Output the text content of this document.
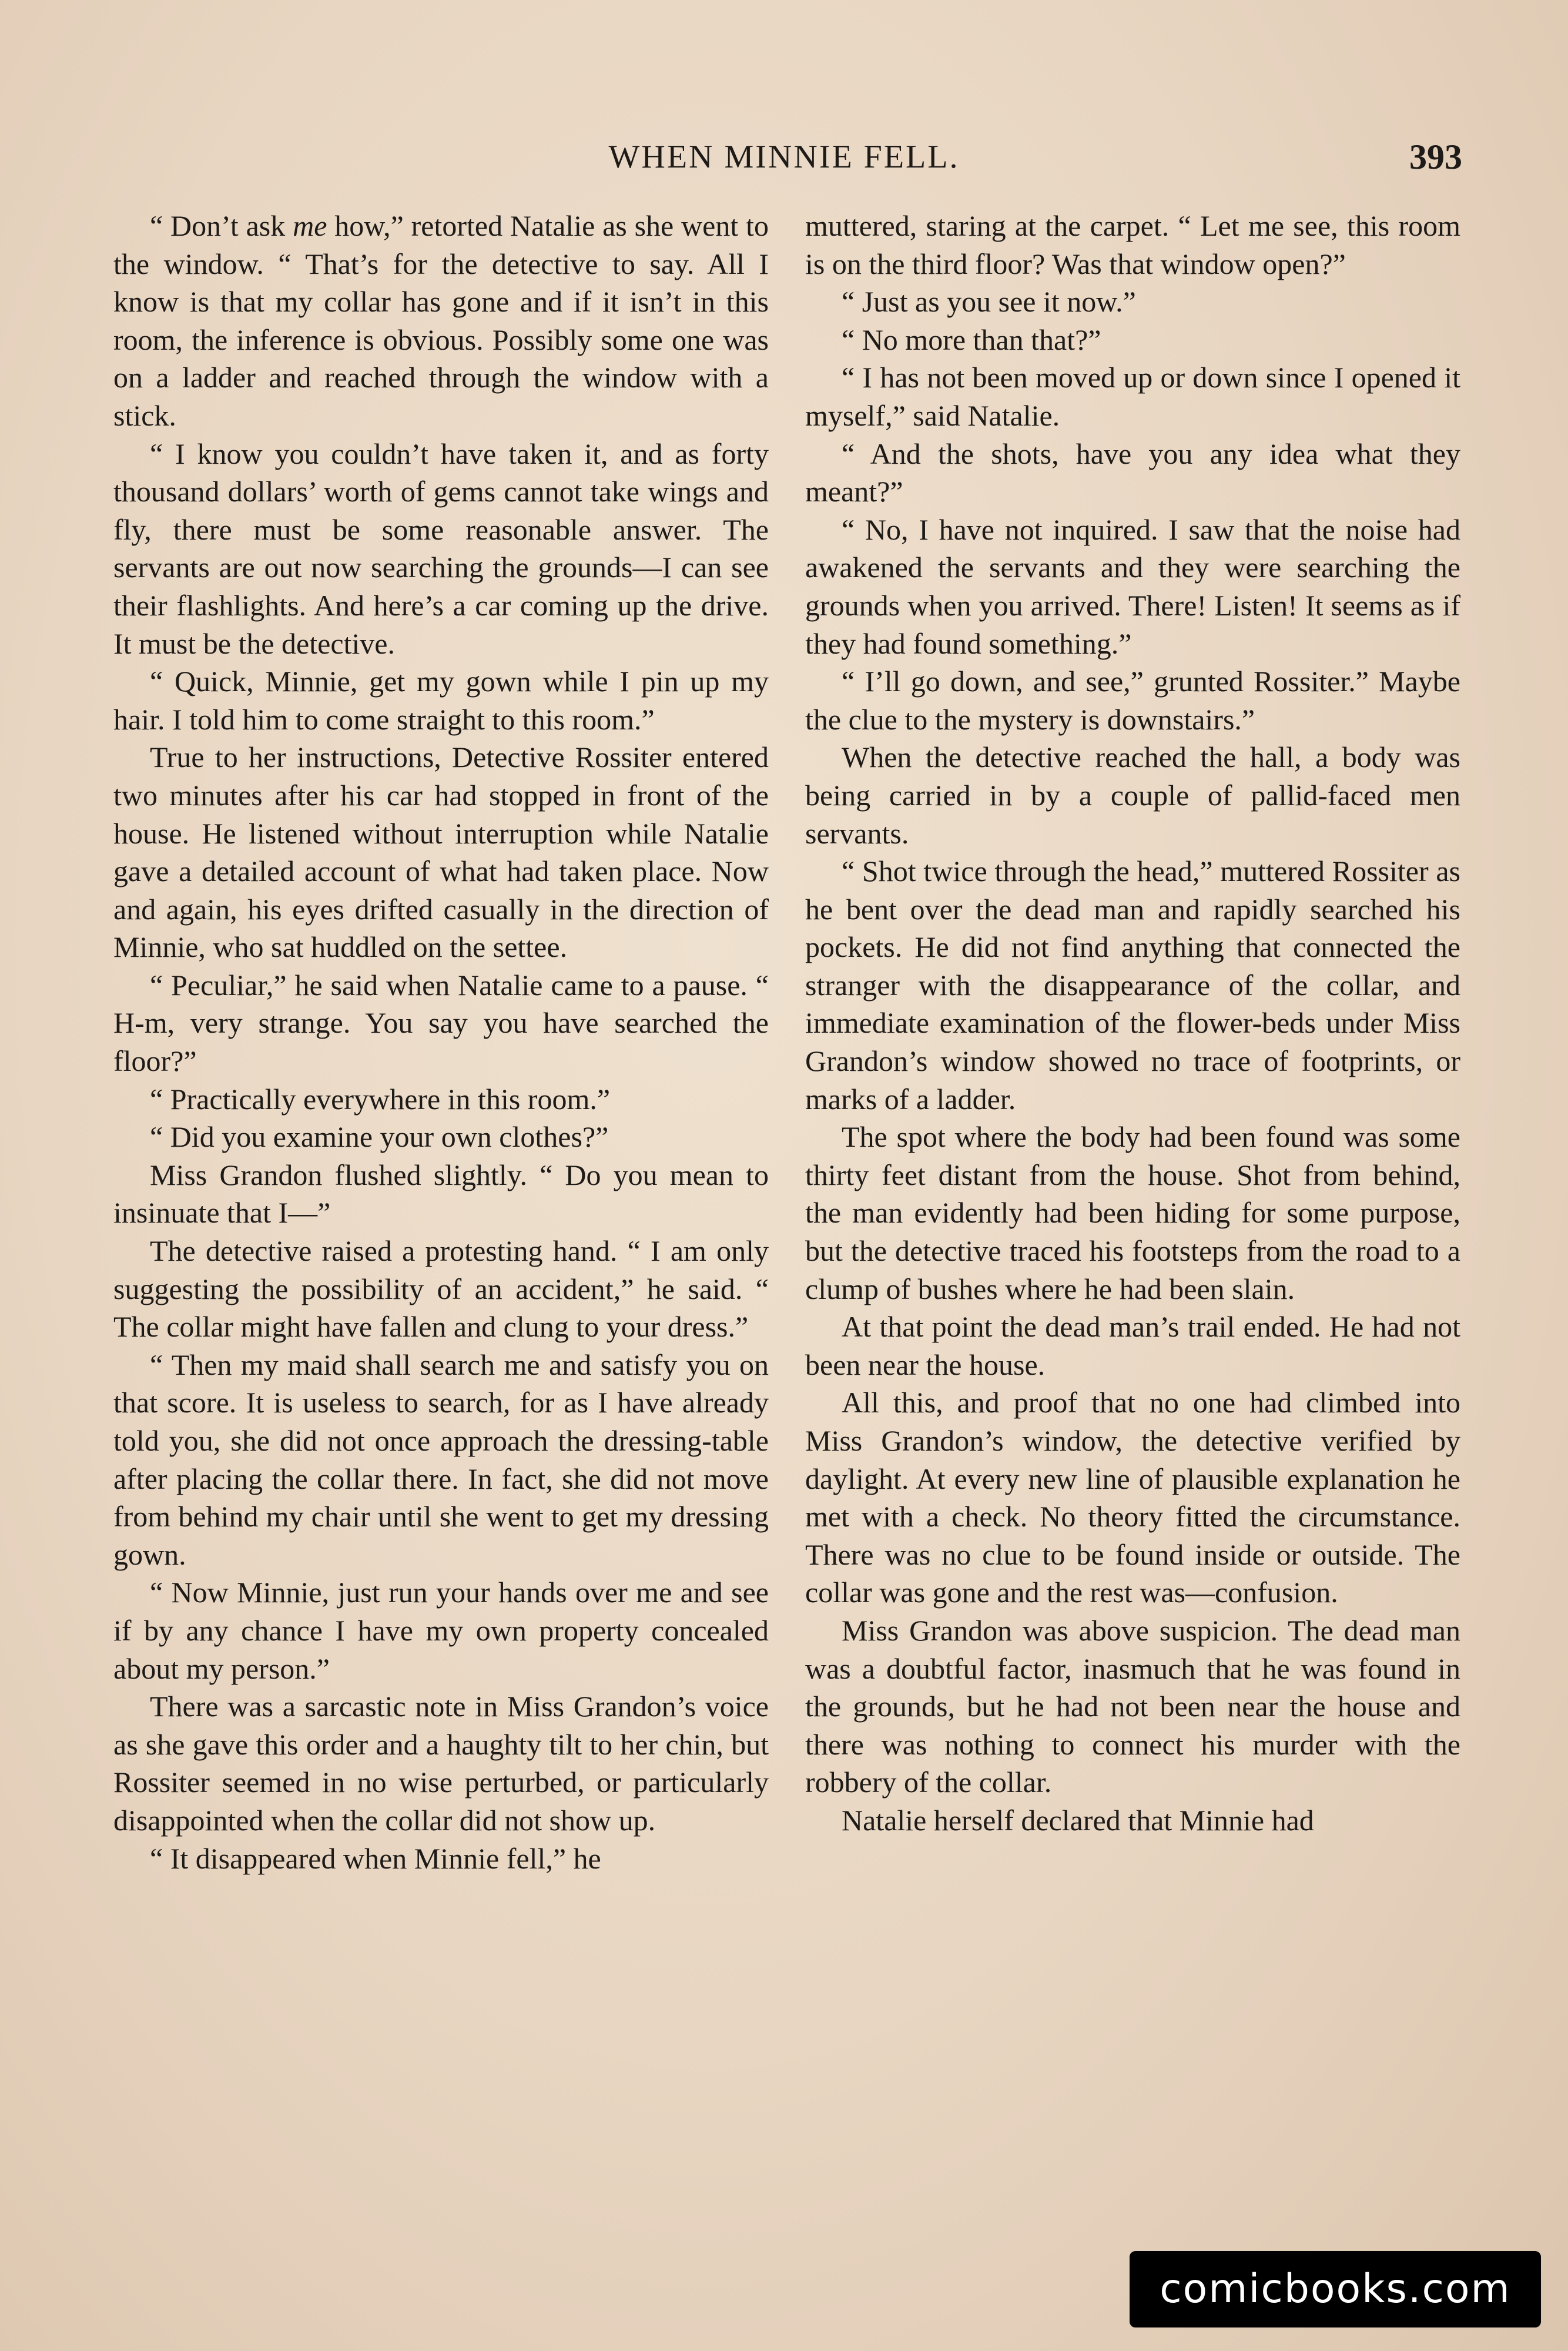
WHEN MINNIE FELL.	393

“ Don’t ask me how,” retorted Natalie as she went to the window. “ That’s for the detective to say. All I know is that my collar has gone and if it isn’t in this room, the inference is obvious. Possibly some one was on a ladder and reached through the window with a stick.

“ I know you couldn’t have taken it, and as forty thousand dollars’ worth of gems cannot take wings and fly, there must be some reasonable answer. The servants are out now searching the grounds—I can see their flashlights. And here’s a car coming up the drive. It must be the detective.

“ Quick, Minnie, get my gown while I pin up my hair. I told him to come straight to this room.”

True to her instructions, Detective Rossiter entered two minutes after his car had stopped in front of the house. He listened without interruption while Natalie gave a detailed account of what had taken place. Now and again, his eyes drifted casually in the direction of Minnie, who sat huddled on the settee.

“ Peculiar,” he said when Natalie came to a pause. “ H-m, very strange. You say you have searched the floor?”

“ Practically everywhere in this room.”

“ Did you examine your own clothes?”

Miss Grandon flushed slightly. “ Do you mean to insinuate that I—”

The detective raised a protesting hand. “ I am only suggesting the possibility of an accident,” he said. “ The collar might have fallen and clung to your dress.”

“ Then my maid shall search me and satisfy you on that score. It is useless to search, for as I have already told you, she did not once approach the dressing-table after placing the collar there. In fact, she did not move from behind my chair until she went to get my dressing gown.

“ Now Minnie, just run your hands over me and see if by any chance I have my own property concealed about my person.”

There was a sarcastic note in Miss Grandon’s voice as she gave this order and a haughty tilt to her chin, but Rossiter seemed in no wise perturbed, or particularly disappointed when the collar did not show up.

“ It disappeared when Minnie fell,” he

muttered, staring at the carpet. “ Let me see, this room is on the third floor? Was that window open?”

“ Just as you see it now.”

“ No more than that?”

“ I has not been moved up or down since I opened it myself,” said Natalie.

“ And the shots, have you any idea what they meant?”

“ No, I have not inquired. I saw that the noise had awakened the servants and they were searching the grounds when you arrived. There! Listen! It seems as if they had found something.”

“ I’ll go down, and see,” grunted Rossiter.” Maybe the clue to the mystery is downstairs.”

When the detective reached the hall, a body was being carried in by a couple of pallid-faced men servants.

“ Shot twice through the head,” muttered Rossiter as he bent over the dead man and rapidly searched his pockets. He did not find anything that connected the stranger with the disappearance of the collar, and immediate examination of the flower-beds under Miss Grandon’s window showed no trace of footprints, or marks of a ladder.

The spot where the body had been found was some thirty feet distant from the house. Shot from behind, the man evidently had been hiding for some purpose, but the detective traced his footsteps from the road to a clump of bushes where he had been slain.

At that point the dead man’s trail ended. He had not been near the house.

All this, and proof that no one had climbed into Miss Grandon’s window, the detective verified by daylight. At every new line of plausible explanation he met with a check. No theory fitted the circumstance. There was no clue to be found inside or outside. The collar was gone and the rest was—confusion.

Miss Grandon was above suspicion. The dead man was a doubtful factor, inasmuch that he was found in the grounds, but he had not been near the house and there was nothing to connect his murder with the robbery of the collar.

Natalie herself declared that Minnie had

comicbooks.com
